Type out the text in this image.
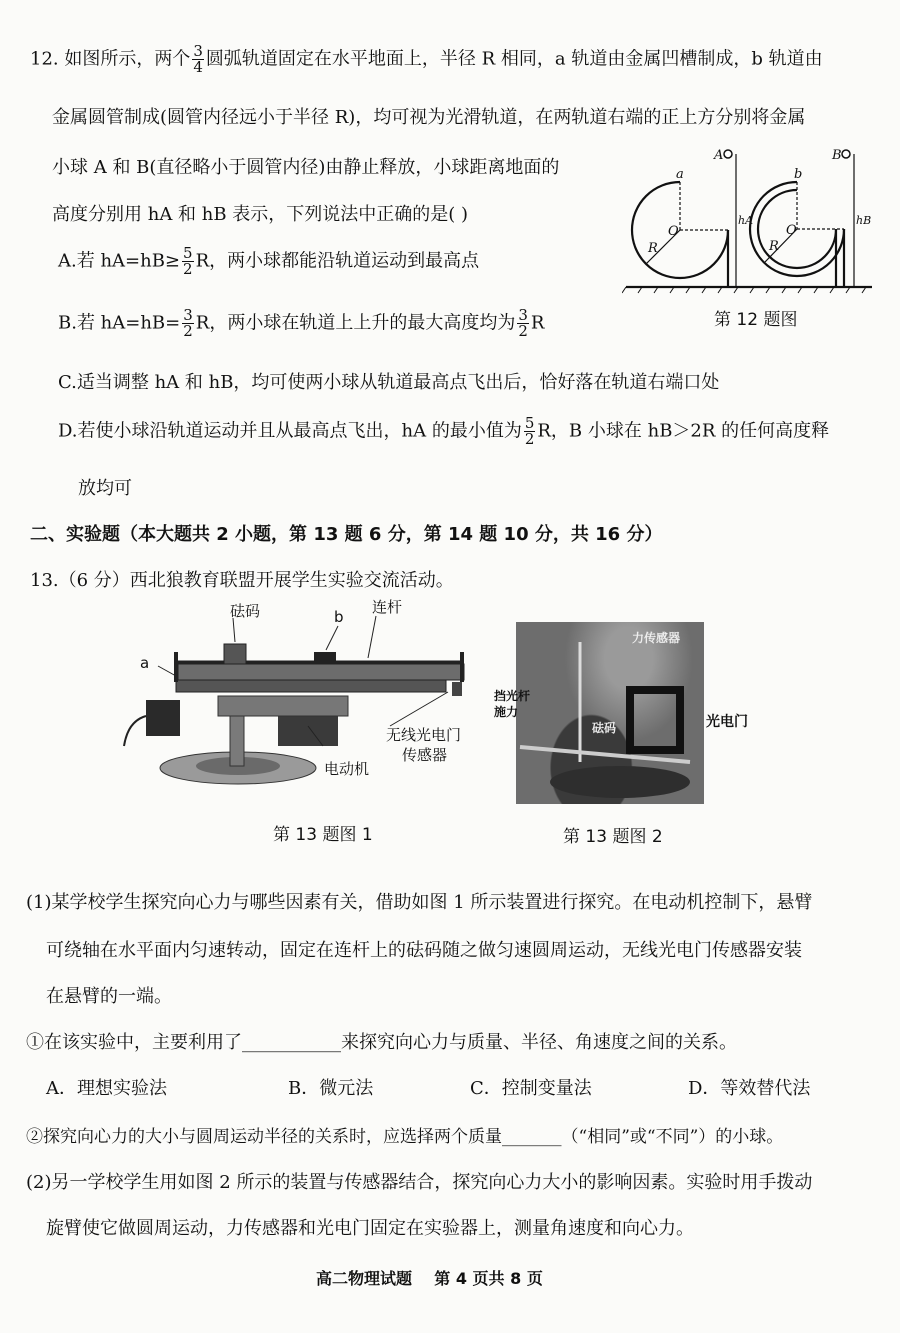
12. 如图所示，两个 $\frac{3}{4}$ 圆弧轨道固定在水平地面上，半径 R 相同，a 轨道由金属凹槽制成，b 轨道由
金属圆管制成(圆管内径远小于半径 R)，均可视为光滑轨道，在两轨道右端的正上方分别将金属
小球 A 和 B(直径略小于圆管内径)由静止释放，小球距离地面的
高度分别用 hA 和 hB 表示，下列说法中正确的是( )
A.若 $hA=hB\ge \frac{5}{2}$ R，两小球都能沿轨道运动到最高点
B.若 $hA=hB= \frac{3}{2}$ R，两小球在轨道上上升的最大高度均为 $\frac{3}{2}$ R
C.适当调整 hA 和 hB，均可使两小球从轨道最高点飞出后，恰好落在轨道右端口处
D.若使小球沿轨道运动并且从最高点飞出，hA 的最小值为 $\frac{5}{2}$ R，B 小球在 hB＞2R 的任何高度释
放均可
a	b
A	B
O	O
R	R
hA	hB
第 12 题图
二、实验题（本大题共 2 小题，第 13 题 6 分，第 14 题 10 分，共 16 分）
13.（6 分）西北狼教育联盟开展学生实验交流活动。
砝码	b
连杆
a
无线光电门
传感器
电动机
第 13 题图 1
力传感器
挡光杆
施力
砝码	光电门
第 13 题图 2
(1)某学校学生探究向心力与哪些因素有关，借助如图 1 所示装置进行探究。在电动机控制下，悬臂
可绕轴在水平面内匀速转动，固定在连杆上的砝码随之做匀速圆周运动，无线光电门传感器安装
在悬臂的一端。
①在该实验中，主要利用了___________来探究向心力与质量、半径、角速度之间的关系。
A．理想实验法	B．微元法	C．控制变量法	D．等效替代法
②探究向心力的大小与圆周运动半径的关系时，应选择两个质量_______（“相同”或“不同”）的小球。
(2)另一学校学生用如图 2 所示的装置与传感器结合，探究向心力大小的影响因素。实验时用手拨动
旋臂使它做圆周运动，力传感器和光电门固定在实验器上，测量角速度和向心力。
高二物理试题    第 4 页共 8 页
